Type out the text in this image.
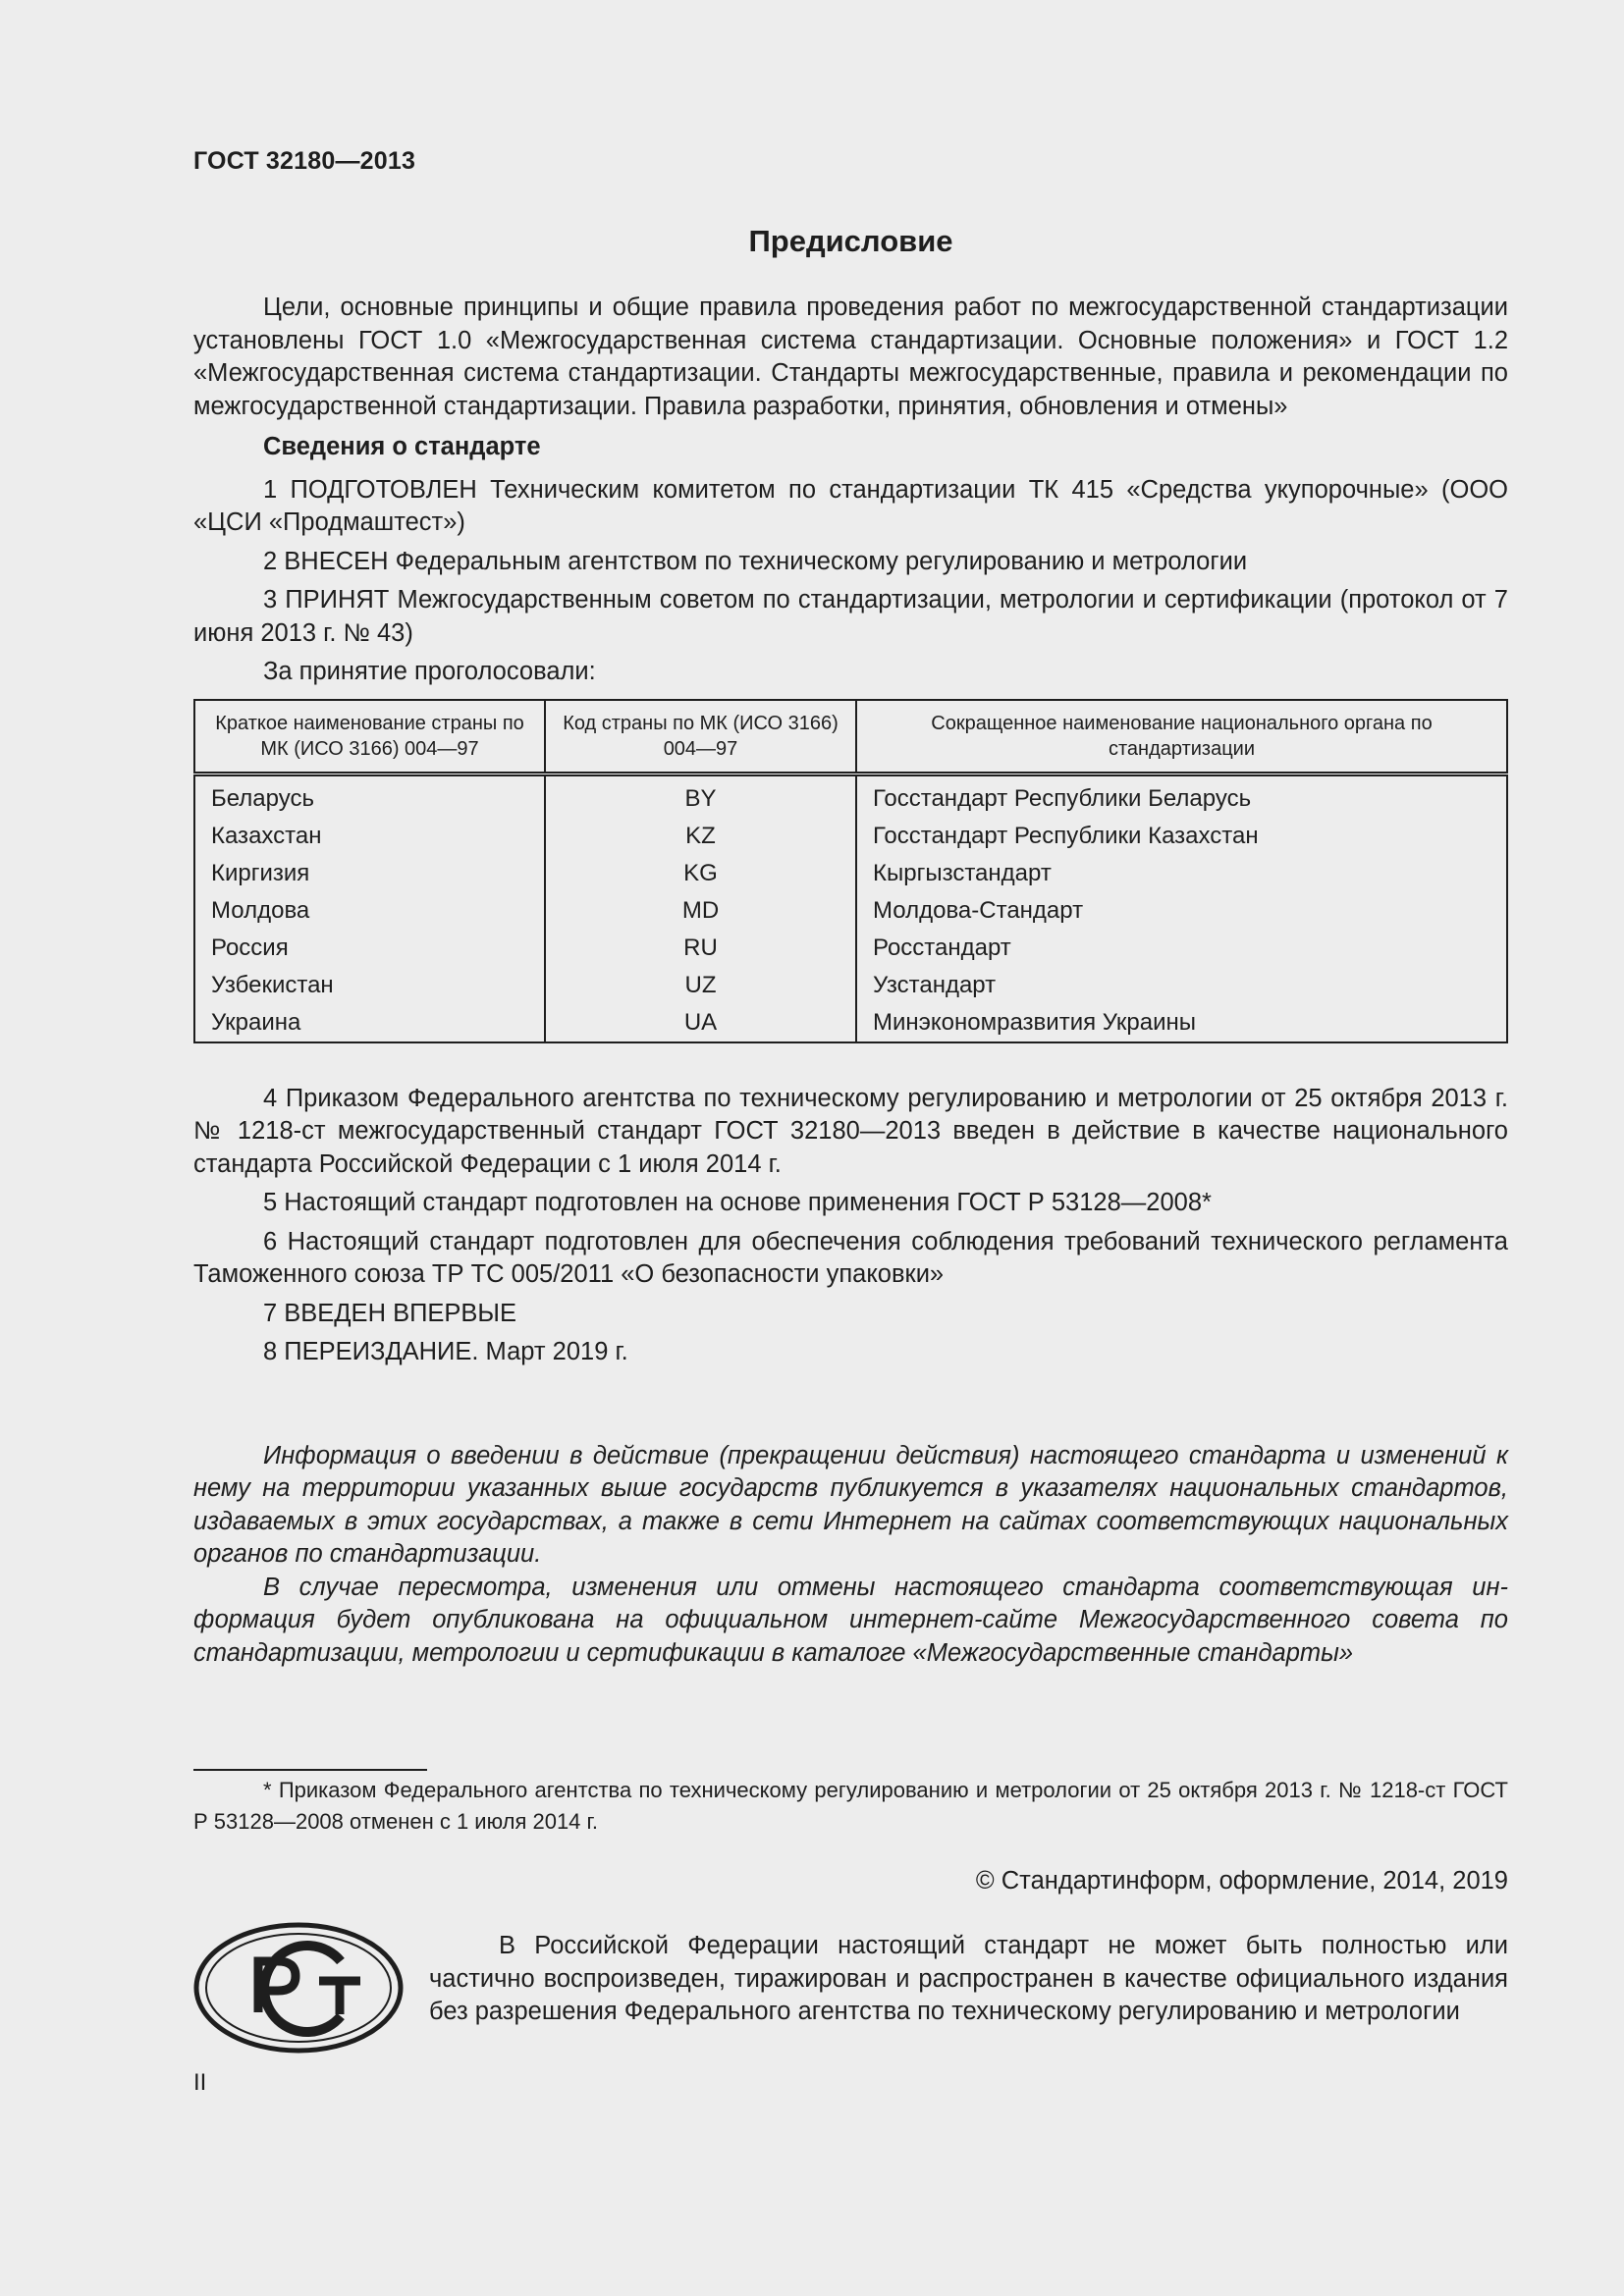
ГОСТ 32180—2013
Предисловие

Цели, основные принципы и общие правила проведения работ по межгосударственной стандартизации установлены ГОСТ 1.0 «Межгосударственная система стандартизации. Основные положения» и ГОСТ 1.2 «Межгосударственная система стандартизации. Стандарты межгосударственные, правила и рекомендации по межгосударственной стандартизации. Правила разработки, принятия, обновления и отмены»

Сведения о стандарте

1 ПОДГОТОВЛЕН Техническим комитетом по стандартизации ТК 415 «Средства укупорочные» (ООО «ЦСИ «Продмаштест»)

2 ВНЕСЕН Федеральным агентством по техническому регулированию и метрологии

3 ПРИНЯТ Межгосударственным советом по стандартизации, метрологии и сертификации (протокол от 7 июня 2013 г. № 43)

За принятие проголосовали:

Краткое наименование страны по МК (ИСО 3166) 004—97	Код страны по МК (ИСО 3166) 004—97	Сокращенное наименование национального органа по стандартизации
Беларусь	BY	Госстандарт Республики Беларусь
Казахстан	KZ	Госстандарт Республики Казахстан
Киргизия	KG	Кыргызстандарт
Молдова	MD	Молдова-Стандарт
Россия	RU	Росстандарт
Узбекистан	UZ	Узстандарт
Украина	UA	Минэкономразвития Украины

4 Приказом Федерального агентства по техническому регулированию и метрологии от 25 октября 2013 г. № 1218-ст межгосударственный стандарт ГОСТ 32180—2013 введен в действие в качестве национального стандарта Российской Федерации с 1 июля 2014 г.

5 Настоящий стандарт подготовлен на основе применения ГОСТ Р 53128—2008*

6 Настоящий стандарт подготовлен для обеспечения соблюдения требований технического регламента Таможенного союза ТР ТС 005/2011 «О безопасности упаковки»

7 ВВЕДЕН ВПЕРВЫЕ

8 ПЕРЕИЗДАНИЕ. Март 2019 г.

Информация о введении в действие (прекращении действия) настоящего стандарта и изменений к нему на территории указанных выше государств публикуется в указателях национальных стандартов, издаваемых в этих государствах, а также в сети Интернет на сайтах соответствующих национальных органов по стандартизации.

В случае пересмотра, изменения или отмены настоящего стандарта соответствующая информация будет опубликована на официальном интернет-сайте Межгосударственного совета по стандартизации, метрологии и сертификации в каталоге «Межгосударственные стандарты»

* Приказом Федерального агентства по техническому регулированию и метрологии от 25 октября 2013 г. № 1218-ст ГОСТ Р 53128—2008 отменен с 1 июля 2014 г.
© Стандартинформ, оформление, 2014, 2019
В Российской Федерации настоящий стандарт не может быть полностью или частично воспроизведен, тиражирован и распространен в качестве официального издания без разрешения Федерального агентства по техническому регулированию и метрологии
II
